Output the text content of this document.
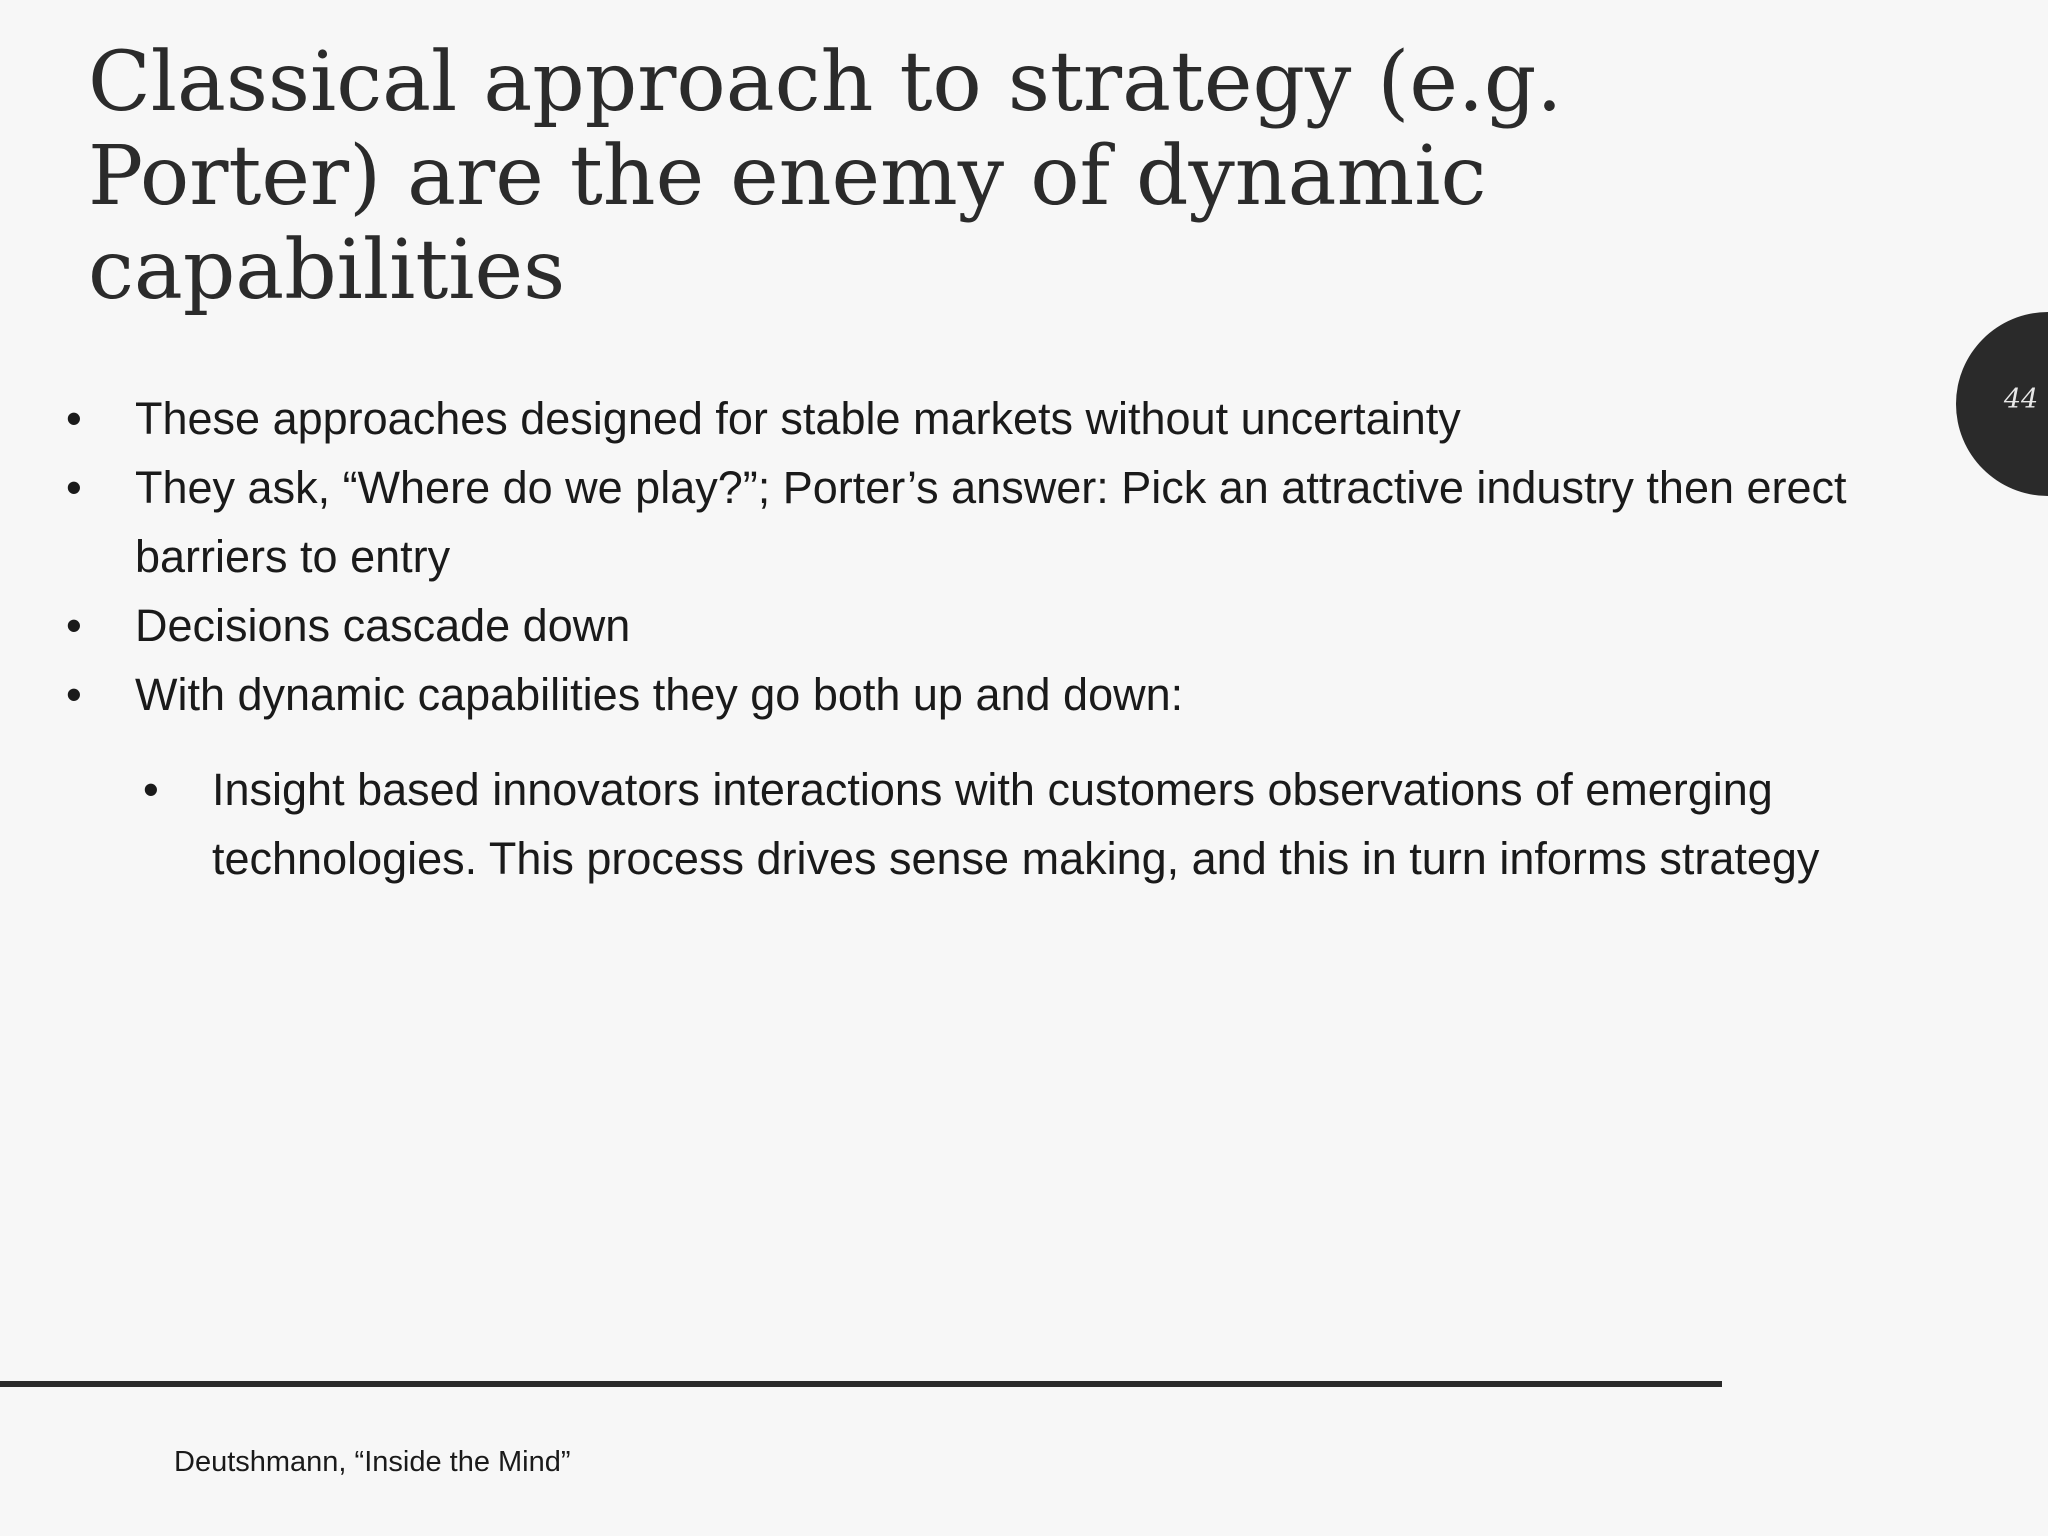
Classical approach to strategy (e.g. Porter) are the enemy of dynamic capabilities
44
• These approaches designed for stable markets without uncertainty
• They ask, “Where do we play?”; Porter’s answer: Pick an attractive industry then erect barriers to entry
• Decisions cascade down
• With dynamic capabilities they go both up and down:
• Insight based innovators interactions with customers observations of emerging technologies. This process drives sense making, and this in turn informs strategy
Deutshmann, “Inside the Mind”
